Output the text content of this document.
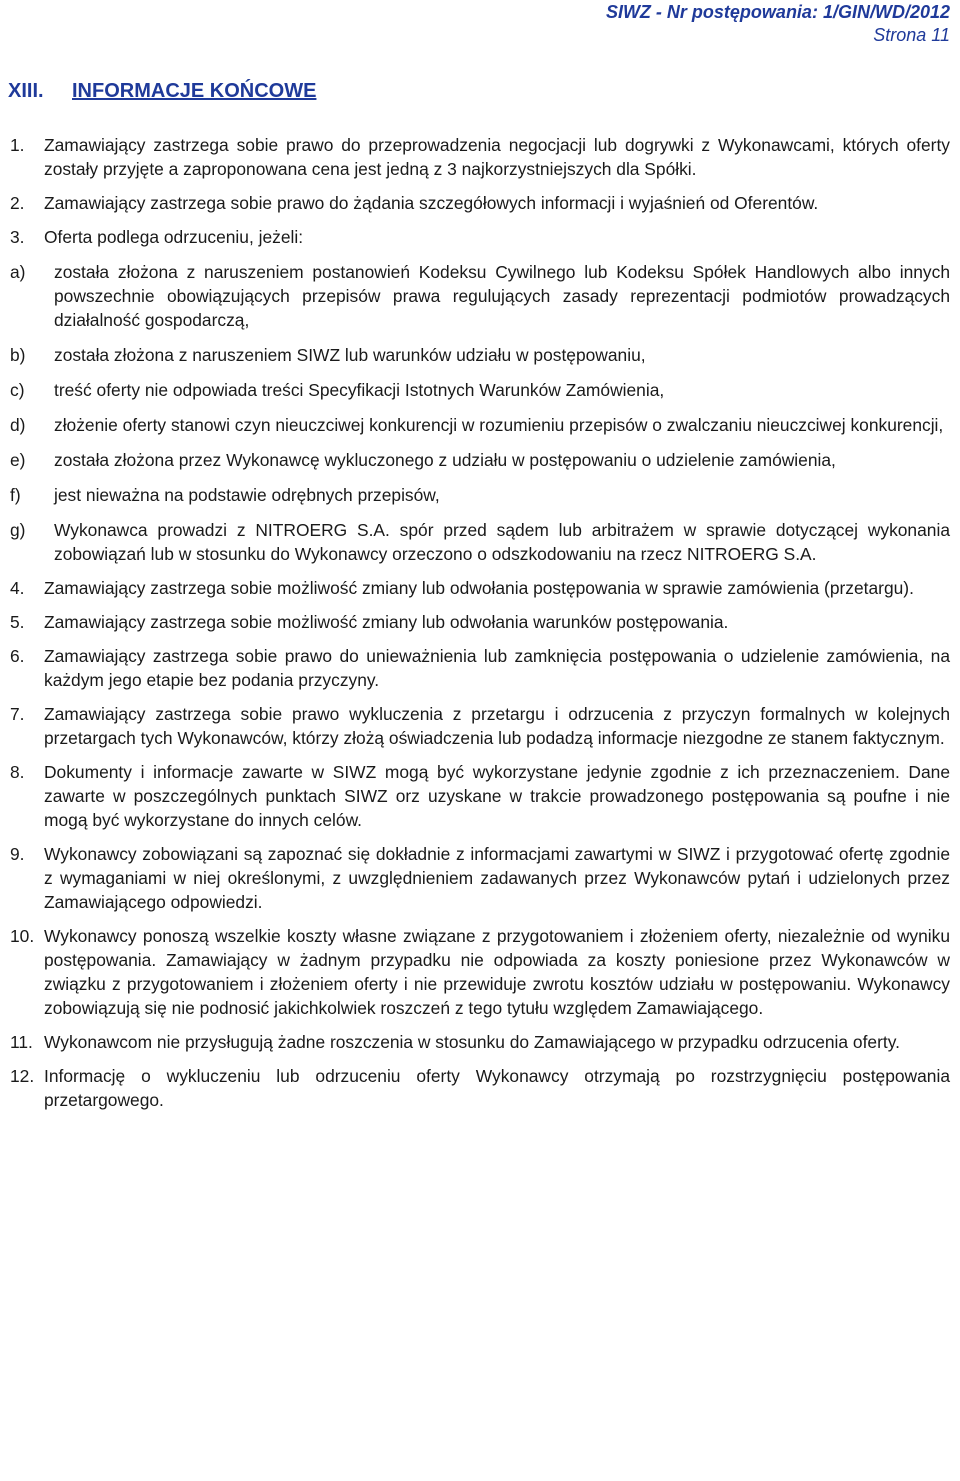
SIWZ - Nr postępowania: 1/GIN/WD/2012
Strona 11
XIII.	INFORMACJE KOŃCOWE
1.	Zamawiający zastrzega sobie prawo do przeprowadzenia negocjacji lub dogrywki z Wykonawcami, których oferty zostały przyjęte a zaproponowana cena jest jedną z 3 najkorzystniejszych dla Spółki.
2.	Zamawiający zastrzega sobie prawo do żądania szczegółowych informacji i wyjaśnień od Oferentów.
3.	Oferta podlega odrzuceniu, jeżeli:
a)	została złożona z naruszeniem postanowień Kodeksu Cywilnego lub Kodeksu Spółek Handlowych albo innych powszechnie obowiązujących przepisów prawa regulujących zasady reprezentacji podmiotów prowadzących działalność gospodarczą,
b)	została złożona z naruszeniem SIWZ lub warunków udziału w postępowaniu,
c)	treść oferty nie odpowiada treści Specyfikacji Istotnych Warunków Zamówienia,
d)	złożenie oferty stanowi czyn nieuczciwej konkurencji w rozumieniu przepisów o zwalczaniu nieuczciwej konkurencji,
e)	została złożona przez Wykonawcę wykluczonego z udziału w postępowaniu o udzielenie zamówienia,
f)	jest nieważna na podstawie odrębnych przepisów,
g)	Wykonawca prowadzi z NITROERG S.A. spór przed sądem lub arbitrażem w sprawie dotyczącej wykonania zobowiązań lub w stosunku do Wykonawcy orzeczono o odszkodowaniu na rzecz NITROERG S.A.
4.	Zamawiający zastrzega sobie możliwość zmiany lub odwołania postępowania w sprawie zamówienia (przetargu).
5.	Zamawiający zastrzega sobie możliwość zmiany lub odwołania warunków postępowania.
6.	Zamawiający zastrzega sobie prawo do unieważnienia lub zamknięcia postępowania o udzielenie zamówienia, na każdym jego etapie bez podania przyczyny.
7.	Zamawiający zastrzega sobie prawo wykluczenia z przetargu i odrzucenia z przyczyn formalnych w kolejnych przetargach tych Wykonawców, którzy złożą oświadczenia lub podadzą informacje niezgodne ze stanem faktycznym.
8.	Dokumenty i informacje zawarte w SIWZ mogą być wykorzystane jedynie zgodnie z ich przeznaczeniem. Dane zawarte w poszczególnych punktach SIWZ orz uzyskane w trakcie prowadzonego postępowania są poufne i nie mogą być wykorzystane do innych celów.
9.	Wykonawcy zobowiązani są zapoznać się dokładnie z informacjami zawartymi w SIWZ i przygotować ofertę zgodnie z wymaganiami w niej określonymi, z uwzględnieniem zadawanych przez Wykonawców pytań i udzielonych przez Zamawiającego odpowiedzi.
10. Wykonawcy ponoszą wszelkie koszty własne związane z przygotowaniem i złożeniem oferty, niezależnie od wyniku postępowania. Zamawiający w żadnym przypadku nie odpowiada za koszty poniesione przez Wykonawców w związku z przygotowaniem i złożeniem oferty i nie przewiduje zwrotu kosztów udziału w postępowaniu. Wykonawcy zobowiązują się nie podnosić jakichkolwiek roszczeń z tego tytułu względem Zamawiającego.
11. Wykonawcom nie przysługują żadne roszczenia w stosunku do Zamawiającego w przypadku odrzucenia oferty.
12. Informację o wykluczeniu lub odrzuceniu oferty Wykonawcy otrzymają po rozstrzygnięciu postępowania przetargowego.
